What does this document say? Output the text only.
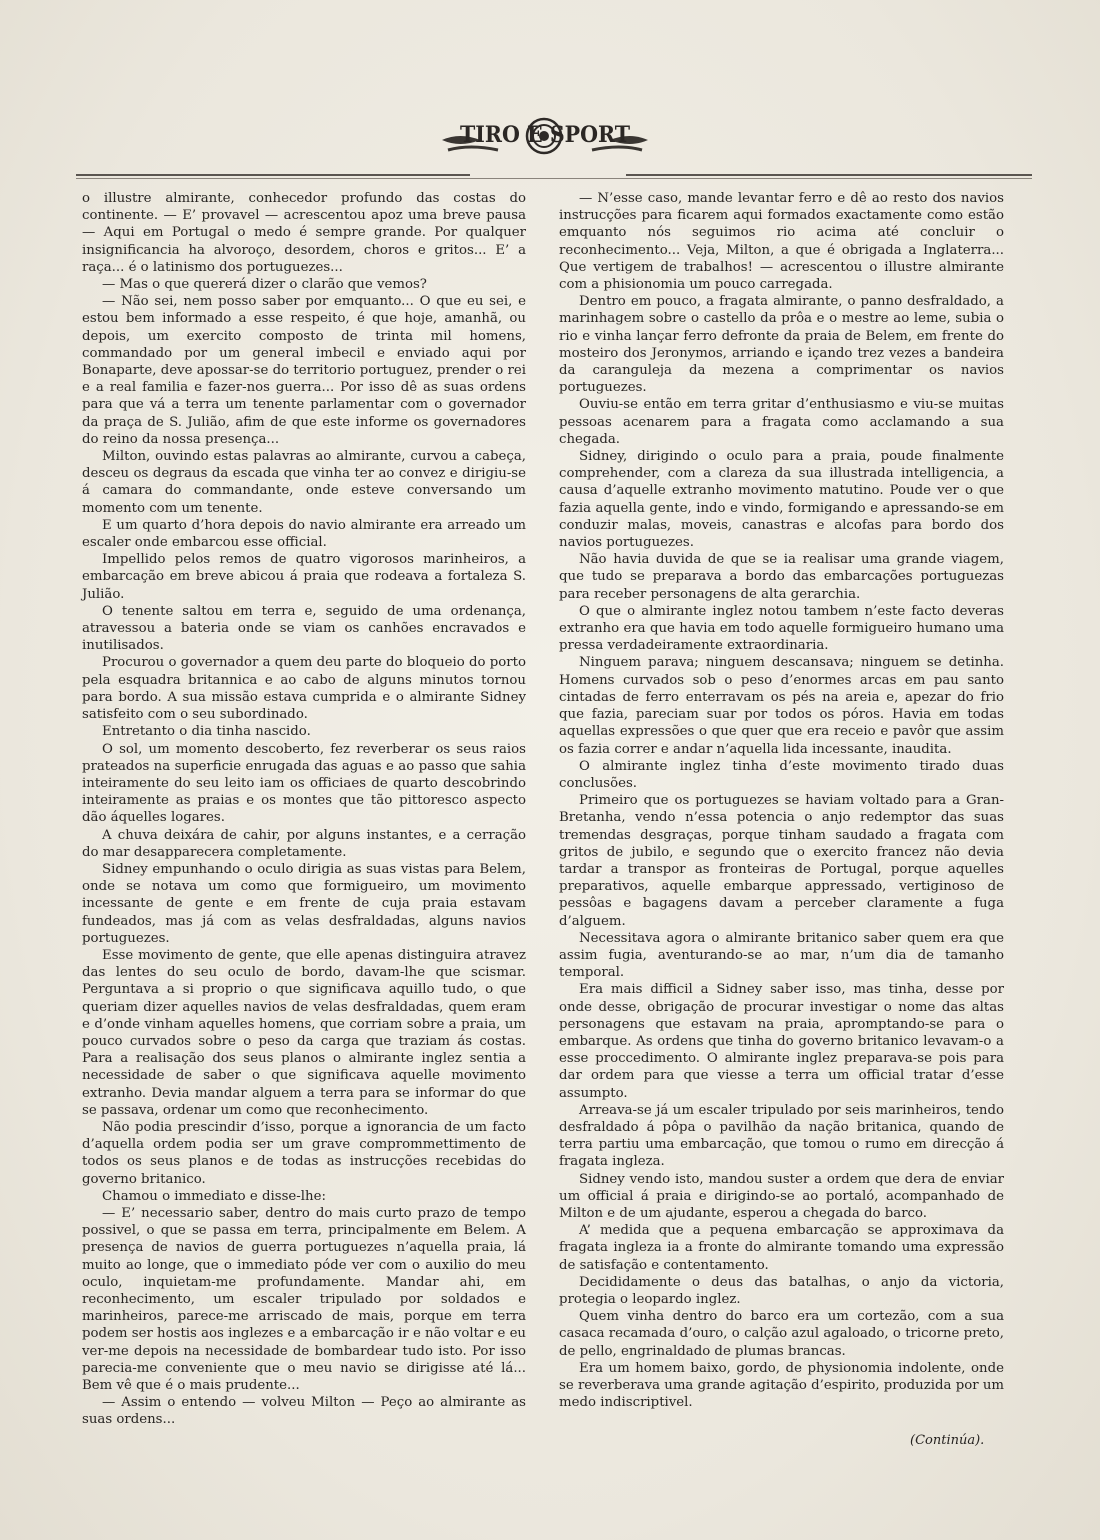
TIRO E SPORT

o illustre almirante, conhecedor profundo das costas do continente. — E’ provavel — acrescentou apoz uma breve pausa — Aqui em Portugal o medo é sempre grande. Por qualquer insignificancia ha alvoroço, desordem, choros e gritos... E’ a raça... é o latinismo dos portuguezes...

— Mas o que quererá dizer o clarão que vemos?

— Não sei, nem posso saber por emquanto... O que eu sei, e estou bem informado a esse respeito, é que hoje, amanhã, ou depois, um exercito composto de trinta mil homens, commandado por um general imbecil e enviado aqui por Bonaparte, deve apossar-se do territorio portuguez, prender o rei e a real familia e fazer-nos guerra... Por isso dê as suas ordens para que vá a terra um tenente parlamentar com o governador da praça de S. Julião, afim de que este informe os governadores do reino da nossa presença...

Milton, ouvindo estas palavras ao almirante, curvou a cabeça, desceu os degraus da escada que vinha ter ao convez e dirigiu-se á camara do commandante, onde esteve conversando um momento com um tenente.

E um quarto d’hora depois do navio almirante era arreado um escaler onde embarcou esse official.

Impellido pelos remos de quatro vigorosos marinheiros, a embarcação em breve abicou á praia que rodeava a fortaleza S. Julião.

O tenente saltou em terra e, seguido de uma ordenança, atravessou a bateria onde se viam os canhões encravados e inutilisados.

Procurou o governador a quem deu parte do bloqueio do porto pela esquadra britannica e ao cabo de alguns minutos tornou para bordo. A sua missão estava cumprida e o almirante Sidney satisfeito com o seu subordinado.

Entretanto o dia tinha nascido.

O sol, um momento descoberto, fez reverberar os seus raios prateados na superficie enrugada das aguas e ao passo que sahia inteiramente do seu leito iam os officiaes de quarto descobrindo inteiramente as praias e os montes que tão pittoresco aspecto dão áquelles logares.

A chuva deixára de cahir, por alguns instantes, e a cerração do mar desapparecera completamente.

Sidney empunhando o oculo dirigia as suas vistas para Belem, onde se notava um como que formigueiro, um movimento incessante de gente e em frente de cuja praia estavam fundeados, mas já com as velas desfraldadas, alguns navios portuguezes.

Esse movimento de gente, que elle apenas distinguira atravez das lentes do seu oculo de bordo, davam-lhe que scismar. Perguntava a si proprio o que significava aquillo tudo, o que queriam dizer aquelles navios de velas desfraldadas, quem eram e d’onde vinham aquelles homens, que corriam sobre a praia, um pouco curvados sobre o peso da carga que traziam ás costas. Para a realisação dos seus planos o almirante inglez sentia a necessidade de saber o que significava aquelle movimento extranho. Devia mandar alguem a terra para se informar do que se passava, ordenar um como que reconhecimento.

Não podia prescindir d’isso, porque a ignorancia de um facto d’aquella ordem podia ser um grave comprommettimento de todos os seus planos e de todas as instrucções recebidas do governo britanico.

Chamou o immediato e disse-lhe:

— E’ necessario saber, dentro do mais curto prazo de tempo possivel, o que se passa em terra, principalmente em Belem. A presença de navios de guerra portuguezes n’aquella praia, lá muito ao longe, que o immediato póde ver com o auxilio do meu oculo, inquietam-me profundamente. Mandar ahi, em reconhecimento, um escaler tripulado por soldados e marinheiros, parece-me arriscado de mais, porque em terra podem ser hostis aos inglezes e a embarcação ir e não voltar e eu ver-me depois na necessidade de bombardear tudo isto. Por isso parecia-me conveniente que o meu navio se dirigisse até lá... Bem vê que é o mais prudente...

— Assim o entendo — volveu Milton — Peço ao almirante as suas ordens...

— N’esse caso, mande levantar ferro e dê ao resto dos navios instrucções para ficarem aqui formados exactamente como estão emquanto nós seguimos rio acima até concluir o reconhecimento... Veja, Milton, a que é obrigada a Inglaterra... Que vertigem de trabalhos! — acrescentou o illustre almirante com a phisionomia um pouco carregada.

Dentro em pouco, a fragata almirante, o panno desfraldado, a marinhagem sobre o castello da prôa e o mestre ao leme, subia o rio e vinha lançar ferro defronte da praia de Belem, em frente do mosteiro dos Jeronymos, arriando e içando trez vezes a bandeira da caranguleja da mezena a comprimentar os navios portuguezes.

Ouviu-se então em terra gritar d’enthusiasmo e viu-se muitas pessoas acenarem para a fragata como acclamando a sua chegada.

Sidney, dirigindo o oculo para a praia, poude finalmente comprehender, com a clareza da sua illustrada intelligencia, a causa d’aquelle extranho movimento matutino. Poude ver o que fazia aquella gente, indo e vindo, formigando e apressando-se em conduzir malas, moveis, canastras e alcofas para bordo dos navios portuguezes.

Não havia duvida de que se ia realisar uma grande viagem, que tudo se preparava a bordo das embarcações portuguezas para receber personagens de alta gerarchia.

O que o almirante inglez notou tambem n’este facto deveras extranho era que havia em todo aquelle formigueiro humano uma pressa verdadeiramente extraordinaria.

Ninguem parava; ninguem descansava; ninguem se detinha. Homens curvados sob o peso d’enormes arcas em pau santo cintadas de ferro enterravam os pés na areia e, apezar do frio que fazia, pareciam suar por todos os póros. Havia em todas aquellas expressões o que quer que era receio e pavôr que assim os fazia correr e andar n’aquella lida incessante, inaudita.

O almirante inglez tinha d’este movimento tirado duas conclusões.

Primeiro que os portuguezes se haviam voltado para a Gran-Bretanha, vendo n’essa potencia o anjo redemptor das suas tremendas desgraças, porque tinham saudado a fragata com gritos de jubilo, e segundo que o exercito francez não devia tardar a transpor as fronteiras de Portugal, porque aquelles preparativos, aquelle embarque appressado, vertiginoso de pessôas e bagagens davam a perceber claramente a fuga d’alguem.

Necessitava agora o almirante britanico saber quem era que assim fugia, aventurando-se ao mar, n’um dia de tamanho temporal.

Era mais difficil a Sidney saber isso, mas tinha, desse por onde desse, obrigação de procurar investigar o nome das altas personagens que estavam na praia, apromptando-se para o embarque. As ordens que tinha do governo britanico levavam-o a esse proccedimento. O almirante inglez preparava-se pois para dar ordem para que viesse a terra um official tratar d’esse assumpto.

Arreava-se já um escaler tripulado por seis marinheiros, tendo desfraldado á pôpa o pavilhão da nação britanica, quando de terra partiu uma embarcação, que tomou o rumo em direcção á fragata ingleza.

Sidney vendo isto, mandou suster a ordem que dera de enviar um official á praia e dirigindo-se ao portaló, acompanhado de Milton e de um ajudante, esperou a chegada do barco.

A’ medida que a pequena embarcação se approximava da fragata ingleza ia a fronte do almirante tomando uma expressão de satisfação e contentamento.

Decididamente o deus das batalhas, o anjo da victoria, protegia o leopardo inglez.

Quem vinha dentro do barco era um cortezão, com a sua casaca recamada d’ouro, o calção azul agaloado, o tricorne preto, de pello, engrinaldado de plumas brancas.

Era um homem baixo, gordo, de physionomia indolente, onde se reverberava uma grande agitação d’espirito, produzida por um medo indiscriptivel.

(Continúa).
